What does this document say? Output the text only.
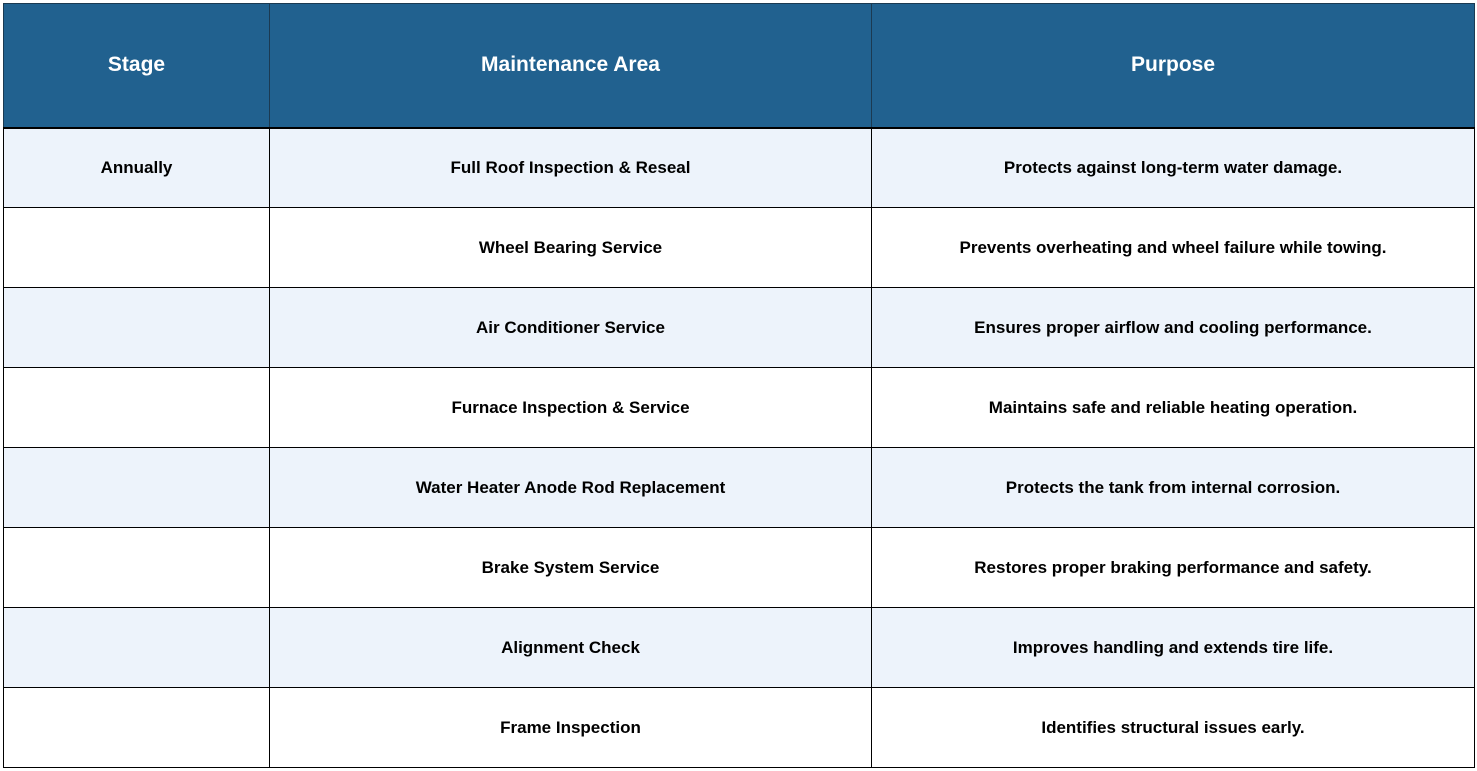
Stage	Maintenance Area	Purpose
Annually	Full Roof Inspection & Reseal	Protects against long-term water damage.
	Wheel Bearing Service	Prevents overheating and wheel failure while towing.
	Air Conditioner Service	Ensures proper airflow and cooling performance.
	Furnace Inspection & Service	Maintains safe and reliable heating operation.
	Water Heater Anode Rod Replacement	Protects the tank from internal corrosion.
	Brake System Service	Restores proper braking performance and safety.
	Alignment Check	Improves handling and extends tire life.
	Frame Inspection	Identifies structural issues early.
